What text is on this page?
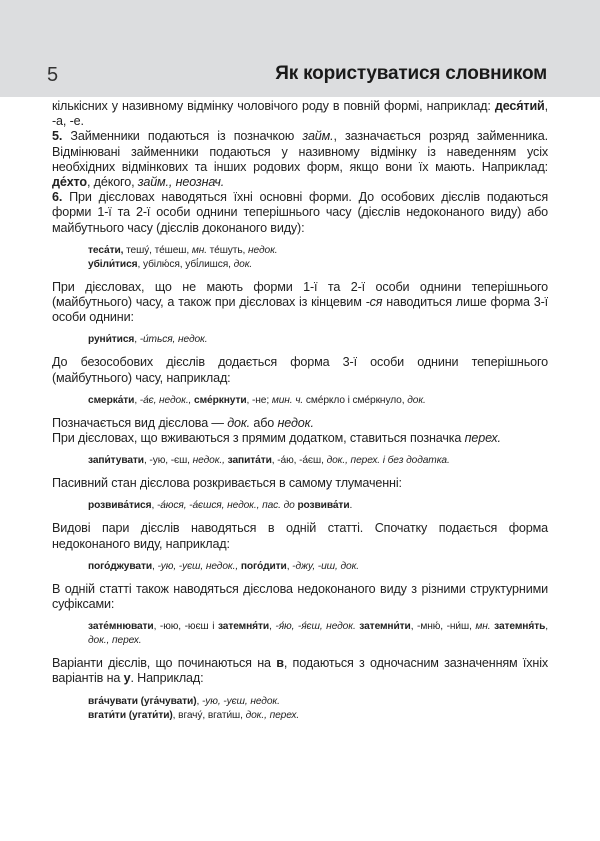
5	Як користуватися словником

кількісних у називному відмінку чоловічого роду в повній формі, наприклад: деся́тий, -а, -е.

5. Займенники подаються із позначкою займ., зазначається розряд займенника. Відмінювані займенники подаються у називному відмінку із наведенням усіх необхідних відмінкових та інших родових форм, якщо вони їх мають. Наприклад: де́хто, де́кого, займ., неознач.

6. При дієсловах наводяться їхні основні форми. До особових дієслів подаються форми 1-ї та 2-ї особи однини теперішнього часу (дієслів недоконаного виду) або майбутнього часу (дієслів доконаного виду):

теса́ти, тешу́, те́шеш, мн. те́шуть, недок.

убіли́тися, убілю́ся, убі́лишся, док.

При дієсловах, що не мають форми 1-ї та 2-ї особи однини теперішнього (майбутнього) часу, а також при дієсловах із кінцевим -ся наводиться лише форма 3-ї особи однини:

руни́тися, -и́ться, недок.

До безособових дієслів додається форма 3-ї особи однини теперішнього (майбутнього) часу, наприклад:

смерка́ти, -а́є, недок., сме́ркнути, -не; мин. ч. сме́ркло і сме́ркнуло, док.

Позначається вид дієслова — док. або недок.

При дієсловах, що вживаються з прямим додатком, ставиться позначка перех.

запи́тувати, -ую, -єш, недок., запита́ти, -а́ю, -а́єш, док., перех. і без додатка.

Пасивний стан дієслова розкривається в самому тлумаченні:

розвива́тися, -а́юся, -а́єшся, недок., пас. до розвива́ти.

Видові пари дієслів наводяться в одній статті. Спочатку подається форма недоконаного виду, наприклад:

пого́джувати, -ую, -уєш, недок., пого́дити, -джу, -иш, док.

В одній статті також наводяться дієслова недоконаного виду з різними структурними суфіксами:

зате́мнювати, -юю, -юєш і затемня́ти, -я́ю, -я́єш, недок. затемни́ти, -мню́, -ни́ш, мн. затемня́ть, док., перех.

Варіанти дієслів, що починаються на в, подаються з одночасним зазначенням їхніх варіантів на у. Наприклад:

вга́чувати (уга́чувати), -ую, -уєш, недок.

вгати́ти (угати́ти), вгачу́, вгати́ш, док., перех.
